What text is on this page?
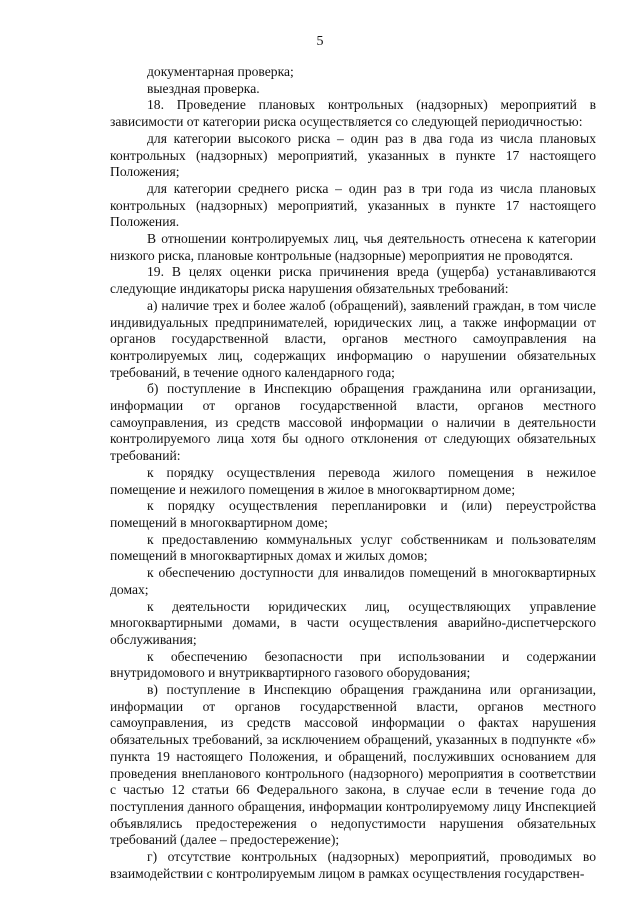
5

документарная проверка;

выездная проверка.

18. Проведение плановых контрольных (надзорных) мероприятий в зависимости от категории риска осуществляется со следующей периодичностью:

для категории высокого риска – один раз в два года из числа плановых контрольных (надзорных) мероприятий, указанных в пункте 17 настоящего Положения;

для категории среднего риска – один раз в три года из числа плановых контрольных (надзорных) мероприятий, указанных в пункте 17 настоящего Положения.

В отношении контролируемых лиц, чья деятельность отнесена к категории низкого риска, плановые контрольные (надзорные) мероприятия не проводятся.

19. В целях оценки риска причинения вреда (ущерба) устанавливаются следующие индикаторы риска нарушения обязательных требований:

а) наличие трех и более жалоб (обращений), заявлений граждан, в том числе индивидуальных предпринимателей, юридических лиц, а также информации от органов государственной власти, органов местного самоуправления на контролируемых лиц, содержащих информацию о нарушении обязательных требований, в течение одного календарного года;

б) поступление в Инспекцию обращения гражданина или организации, информации от органов государственной власти, органов местного самоуправления, из средств массовой информации о наличии в деятельности контролируемого лица хотя бы одного отклонения от следующих обязательных требований:

к порядку осуществления перевода жилого помещения в нежилое помещение и нежилого помещения в жилое в многоквартирном доме;

к порядку осуществления перепланировки и (или) переустройства помещений в многоквартирном доме;

к предоставлению коммунальных услуг собственникам и пользователям помещений в многоквартирных домах и жилых домов;

к обеспечению доступности для инвалидов помещений в многоквартирных домах;

к деятельности юридических лиц, осуществляющих управление многоквартирными домами, в части осуществления аварийно-диспетчерского обслуживания;

к обеспечению безопасности при использовании и содержании внутридомового и внутриквартирного газового оборудования;

в) поступление в Инспекцию обращения гражданина или организации, информации от органов государственной власти, органов местного самоуправления, из средств массовой информации о фактах нарушения обязательных требований, за исключением обращений, указанных в подпункте «б» пункта 19 настоящего Положения, и обращений, послуживших основанием для проведения внепланового контрольного (надзорного) мероприятия в соответствии с частью 12 статьи 66 Федерального закона, в случае если в течение года до поступления данного обращения, информации контролируемому лицу Инспекцией объявлялись предостережения о недопустимости нарушения обязательных требований (далее – предостережение);

г) отсутствие контрольных (надзорных) мероприятий, проводимых во взаимодействии с контролируемым лицом в рамках осуществления государствен-
